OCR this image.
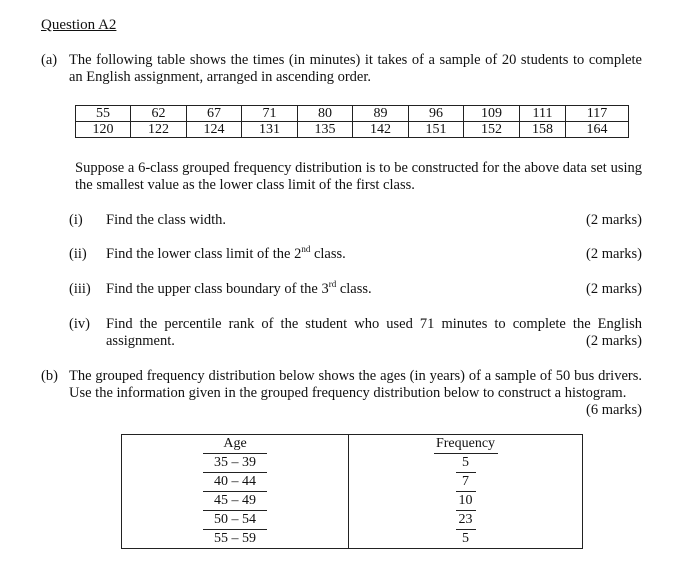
Question A2
(a) The following table shows the times (in minutes) it takes of a sample of 20 students to complete an English assignment, arranged in ascending order.
55	62	67	71	80	89	96	109	111	117
120	122	124	131	135	142	151	152	158	164
Suppose a 6-class grouped frequency distribution is to be constructed for the above data set using the smallest value as the lower class limit of the first class.
(i) Find the class width.	(2 marks)
(ii) Find the lower class limit of the 2nd class.	(2 marks)
(iii) Find the upper class boundary of the 3rd class.	(2 marks)
(iv) Find the percentile rank of the student who used 71 minutes to complete the English assignment.	(2 marks)
(b) The grouped frequency distribution below shows the ages (in years) of a sample of 50 bus drivers. Use the information given in the grouped frequency distribution below to construct a histogram.
(6 marks)
Age	Frequency
35 – 39	5
40 – 44	7
45 – 49	10
50 – 54	23
55 – 59	5
